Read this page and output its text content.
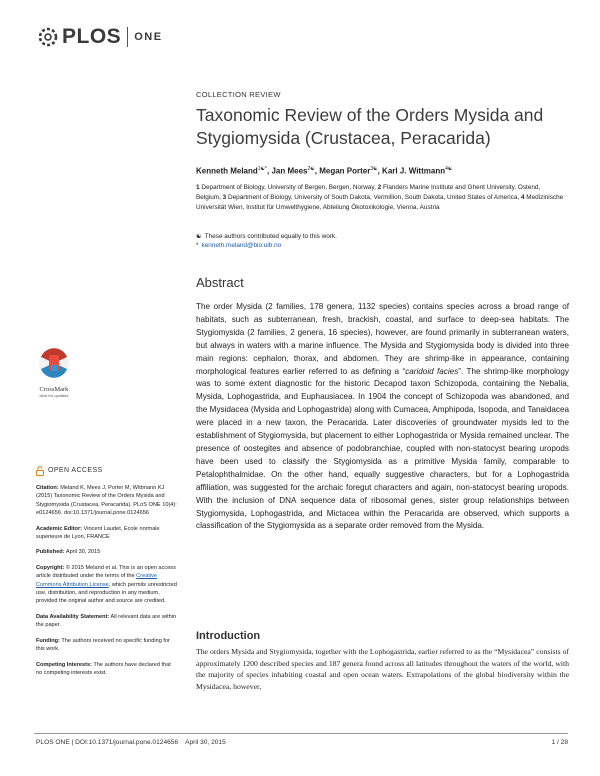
PLOS ONE
COLLECTION REVIEW
Taxonomic Review of the Orders Mysida and Stygiomysida (Crustacea, Peracarida)
Kenneth Meland$^{1☯*}$, Jan Mees$^{2☯}$, Megan Porter$^{3☯}$, Karl J. Wittmann$^{4☯}$
1 Department of Biology, University of Bergen, Bergen, Norway, 2 Flanders Marine Institute and Ghent University, Ostend, Belgium, 3 Department of Biology, University of South Dakota, Vermillion, South Dakota, United States of America, 4 Medizinische Universität Wien, Institut für Umwelthygiene, Abteilung Ökotoxikologie, Vienna, Austria
☯ These authors contributed equally to this work.
* kenneth.meland@bio.uib.no
Abstract
The order Mysida (2 families, 178 genera, 1132 species) contains species across a broad range of habitats, such as subterranean, fresh, brackish, coastal, and surface to deep-sea habitats. The Stygiomysida (2 families, 2 genera, 16 species), however, are found primarily in subterranean waters, but always in waters with a marine influence. The Mysida and Stygiomysida body is divided into three main regions: cephalon, thorax, and abdomen. They are shrimp-like in appearance, containing morphological features earlier referred to as defining a “caridoid facies”. The shrimp-like morphology was to some extent diagnostic for the historic Decapod taxon Schizopoda, containing the Nebalia, Mysida, Lophogastrida, and Euphausiacea. In 1904 the concept of Schizopoda was abandoned, and the Mysidacea (Mysida and Lophogastrida) along with Cumacea, Amphipoda, Isopoda, and Tanaidacea were placed in a new taxon, the Peracarida. Later discoveries of groundwater mysids led to the establishment of Stygiomysida, but placement to either Lophogastrida or Mysida remained unclear. The presence of oostegites and absence of podobranchiae, coupled with non-statocyst bearing uropods have been used to classify the Stygiomysida as a primitive Mysida family, comparable to Petalophthalmidae. On the other hand, equally suggestive characters, but for a Lophogastrida affiliation, was suggested for the archaic foregut characters and again, non-statocyst bearing uropods. With the inclusion of DNA sequence data of ribosomal genes, sister group relationships between Stygiomysida, Lophogastrida, and Mictacea within the Peracarida are observed, which supports a classification of the Stygiomysida as a separate order removed from the Mysida.
CrossMark
click for updates
OPEN ACCESS

Citation: Meland K, Mees J, Porter M, Wittmann KJ (2015) Taxonomic Review of the Orders Mysida and Stygiomysida (Crustacea, Peracarida). PLoS ONE 10(4): e0124656. doi:10.1371/journal.pone.0124656

Academic Editor: Vincent Laudet, Ecole normale superieure de Lyon, FRANCE

Published: April 30, 2015

Copyright: © 2015 Meland et al. This is an open access article distributed under the terms of the Creative Commons Attribution License, which permits unrestricted use, distribution, and reproduction in any medium, provided the original author and source are credited.

Data Availability Statement: All relevant data are within the paper.

Funding: The authors received no specific funding for this work.

Competing Interests: The authors have declared that no competing interests exist.

Introduction
The orders Mysida and Stygiomysida, together with the Lophogastrida, earlier referred to as the “Mysidacea” consists of approximately 1200 described species and 187 genera found across all latitudes throughout the waters of the world, with the majority of species inhabiting coastal and open ocean waters. Extrapolations of the global biodiversity within the Mysidacea, however,
PLOS ONE | DOI:10.1371/journal.pone.0124656    April 30, 2015	1 / 28
